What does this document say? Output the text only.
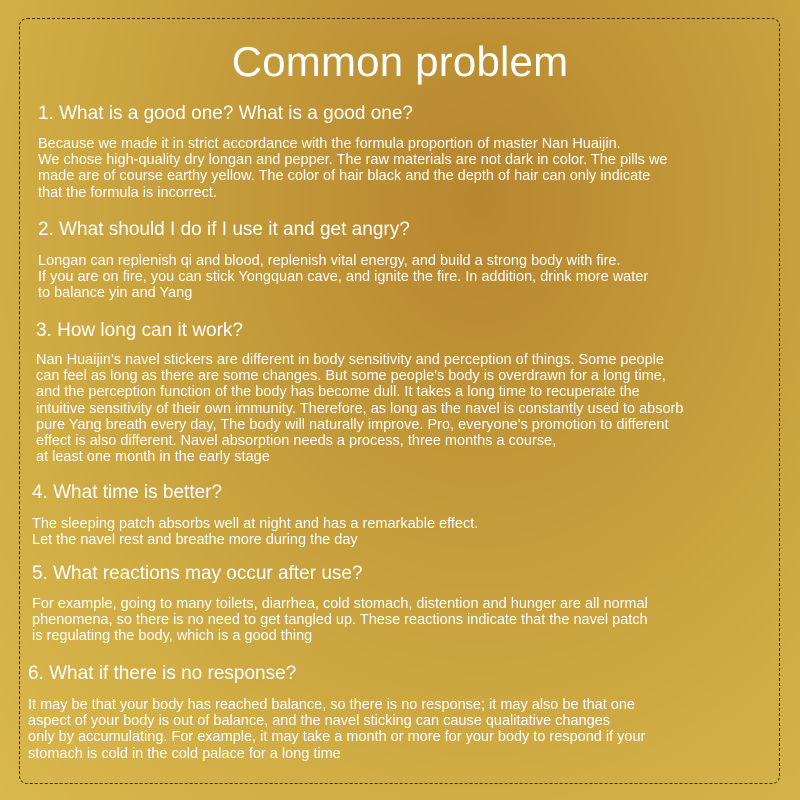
Common problem
1. What is a good one? What is a good one?
Because we made it in strict accordance with the formula proportion of master Nan Huaijin.
We chose high-quality dry longan and pepper. The raw materials are not dark in color. The pills we
made are of course earthy yellow. The color of hair black and the depth of hair can only indicate
that the formula is incorrect.
2. What should I do if I use it and get angry?
Longan can replenish qi and blood, replenish vital energy, and build a strong body with fire.
If you are on fire, you can stick Yongquan cave, and ignite the fire. In addition, drink more water
to balance yin and Yang
3. How long can it work?
Nan Huaijin's navel stickers are different in body sensitivity and perception of things. Some people
can feel as long as there are some changes. But some people's body is overdrawn for a long time,
and the perception function of the body has become dull. It takes a long time to recuperate the
intuitive sensitivity of their own immunity. Therefore, as long as the navel is constantly used to absorb
pure Yang breath every day, The body will naturally improve. Pro, everyone's promotion to different
effect is also different. Navel absorption needs a process, three months a course,
at least one month in the early stage
4. What time is better?
The sleeping patch absorbs well at night and has a remarkable effect.
Let the navel rest and breathe more during the day
5. What reactions may occur after use?
For example, going to many toilets, diarrhea, cold stomach, distention and hunger are all normal
phenomena, so there is no need to get tangled up. These reactions indicate that the navel patch
is regulating the body, which is a good thing
6. What if there is no response?
It may be that your body has reached balance, so there is no response; it may also be that one
aspect of your body is out of balance, and the navel sticking can cause qualitative changes
only by accumulating. For example, it may take a month or more for your body to respond if your
stomach is cold in the cold palace for a long time
